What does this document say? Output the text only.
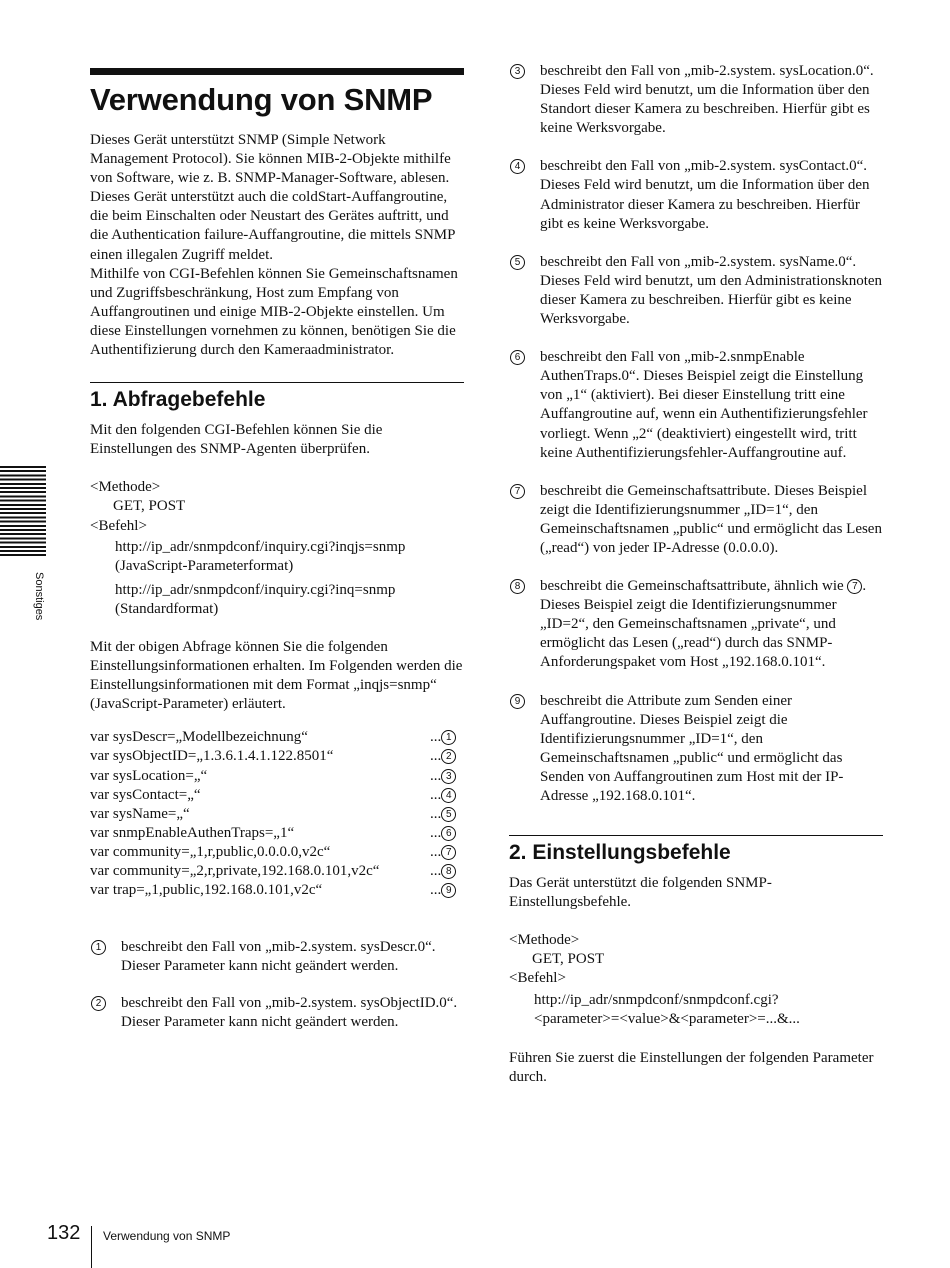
Verwendung von SNMP

Dieses Gerät unterstützt SNMP (Simple Network Management Protocol). Sie können MIB-2-Objekte mithilfe von Software, wie z. B. SNMP-Manager-Software, ablesen. Dieses Gerät unterstützt auch die coldStart-Auffangroutine, die beim Einschalten oder Neustart des Gerätes auftritt, und die Authentication failure-Auffangroutine, die mittels SNMP einen illegalen Zugriff meldet.

Mithilfe von CGI-Befehlen können Sie Gemeinschaftsnamen und Zugriffsbeschränkung, Host zum Empfang von Auffangroutinen und einige MIB-2-Objekte einstellen. Um diese Einstellungen vornehmen zu können, benötigen Sie die Authentifizierung durch den Kameraadministrator.

1. Abfragebefehle

Mit den folgenden CGI-Befehlen können Sie die Einstellungen des SNMP-Agenten überprüfen.

<Methode>
GET, POST
<Befehl>
http://ip_adr/snmpdconf/inquiry.cgi?inqjs=snmp
(JavaScript-Parameterformat)
http://ip_adr/snmpdconf/inquiry.cgi?inq=snmp
(Standardformat)

Mit der obigen Abfrage können Sie die folgenden Einstellungsinformationen erhalten. Im Folgenden werden die Einstellungsinformationen mit dem Format „inqjs=snmp“ (JavaScript-Parameter) erläutert.

var sysDescr=„Modellbezeichnung“	... 1
var sysObjectID=„1.3.6.1.4.1.122.8501“	... 2
var sysLocation=„“	... 3
var sysContact=„“	... 4
var sysName=„“	... 5
var snmpEnableAuthenTraps=„1“	... 6
var community=„1,r,public,0.0.0.0,v2c“	... 7
var community=„2,r,private,192.168.0.101,v2c“	... 8
var trap=„1,public,192.168.0.101,v2c“	... 9
1	beschreibt den Fall von „mib-2.system. sysDescr.0“. Dieser Parameter kann nicht geändert werden.
2	beschreibt den Fall von „mib-2.system. sysObjectID.0“. Dieser Parameter kann nicht geändert werden.
3	beschreibt den Fall von „mib-2.system. sysLocation.0“. Dieses Feld wird benutzt, um die Information über den Standort dieser Kamera zu beschreiben. Hierfür gibt es keine Werksvorgabe.
4	beschreibt den Fall von „mib-2.system. sysContact.0“. Dieses Feld wird benutzt, um die Information über den Administrator dieser Kamera zu beschreiben. Hierfür gibt es keine Werksvorgabe.
5	beschreibt den Fall von „mib-2.system. sysName.0“. Dieses Feld wird benutzt, um den Administrationsknoten dieser Kamera zu beschreiben. Hierfür gibt es keine Werksvorgabe.
6	beschreibt den Fall von „mib-2.snmpEnable AuthenTraps.0“. Dieses Beispiel zeigt die Einstellung von „1“ (aktiviert). Bei dieser Einstellung tritt eine Auffangroutine auf, wenn ein Authentifizierungsfehler vorliegt. Wenn „2“ (deaktiviert) eingestellt wird, tritt keine Authentifizierungsfehler-Auffangroutine auf.
7	beschreibt die Gemeinschaftsattribute. Dieses Beispiel zeigt die Identifizierungsnummer „ID=1“, den Gemeinschaftsnamen „public“ und ermöglicht das Lesen („read“) von jeder IP-Adresse (0.0.0.0).
8	beschreibt die Gemeinschaftsattribute, ähnlich wie 7 . Dieses Beispiel zeigt die Identifizierungsnummer „ID=2“, den Gemeinschaftsnamen „private“, und ermöglicht das Lesen („read“) durch das SNMP-Anforderungspaket vom Host „192.168.0.101“.
9	beschreibt die Attribute zum Senden einer Auffangroutine. Dieses Beispiel zeigt die Identifizierungsnummer „ID=1“, den Gemeinschaftsnamen „public“ und ermöglicht das Senden von Auffangroutinen zum Host mit der IP-Adresse „192.168.0.101“.
2. Einstellungsbefehle

Das Gerät unterstützt die folgenden SNMP-Einstellungsbefehle.

<Methode>
GET, POST
<Befehl>
http://ip_adr/snmpdconf/snmpdconf.cgi?
<parameter>=<value>&<parameter>=...&...

Führen Sie zuerst die Einstellungen der folgenden Parameter durch.

Sonstiges
132 Verwendung von SNMP
